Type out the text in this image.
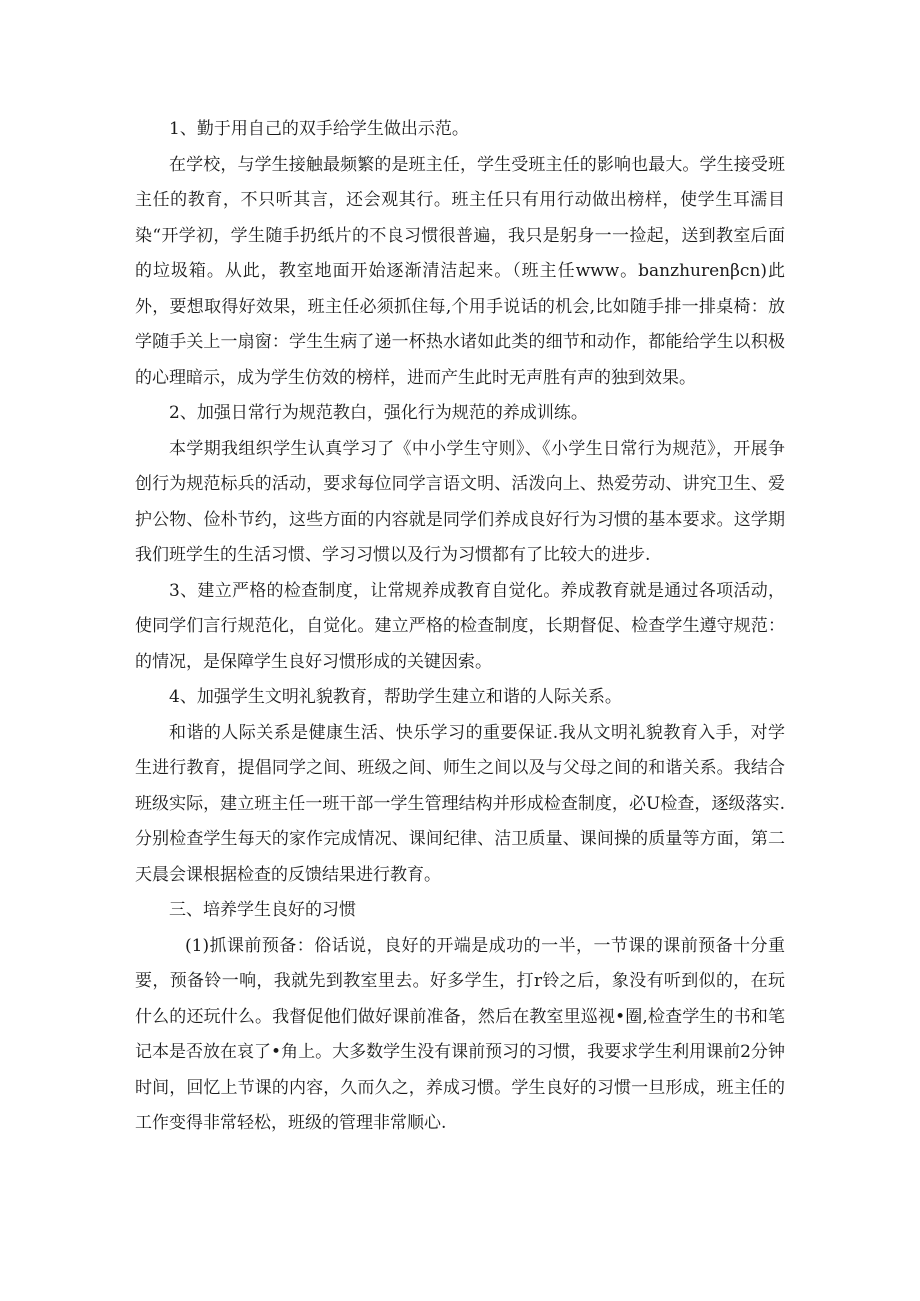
1、勤于用自己的双手给学生做出示范。

在学校，与学生接触最频繁的是班主任，学生受班主任的影响也最大。学生接受班主任的教育，不只听其言，还会观其行。班主任只有用行动做出榜样，使学生耳濡目染“开学初，学生随手扔纸片的不良习惯很普遍，我只是躬身一一捡起，送到教室后面的垃圾箱。从此，教室地面开始逐渐清洁起来。（班主任www。banzhurenβcn)此外，要想取得好效果，班主任必须抓住每,个用手说话的机会,比如随手排一排桌椅：放学随手关上一扇窗：学生生病了递一杯热水诸如此类的细节和动作，都能给学生以积极的心理暗示，成为学生仿效的榜样，进而产生此时无声胜有声的独到效果。

2、加强日常行为规范教白，强化行为规范的养成训练。

本学期我组织学生认真学习了《中小学生守则》、《小学生日常行为规范》，开展争创行为规范标兵的活动，要求每位同学言语文明、活泼向上、热爱劳动、讲究卫生、爱护公物、俭朴节约，这些方面的内容就是同学们养成良好行为习惯的基本要求。这学期我们班学生的生活习惯、学习习惯以及行为习惯都有了比较大的进步.

3、建立严格的检查制度，让常规养成教育自觉化。养成教育就是通过各项活动，使同学们言行规范化，自觉化。建立严格的检查制度，长期督促、检查学生遵守规范：的情况，是保障学生良好习惯形成的关键因索。

4、加强学生文明礼貌教育，帮助学生建立和谐的人际关系。

和谐的人际关系是健康生活、快乐学习的重要保证.我从文明礼貌教育入手，对学生进行教育，提倡同学之间、班级之间、师生之间以及与父母之间的和谐关系。我结合班级实际，建立班主任一班干部一学生管理结构并形成检查制度，必U检查，逐级落实.分别检查学生每天的家作完成情况、课间纪律、洁卫质量、课间操的质量等方面，第二天晨会课根据检查的反馈结果进行教育。

三、培养学生良好的习惯

(1)抓课前预备：俗话说，良好的开端是成功的一半，一节课的课前预备十分重要，预备铃一响，我就先到教室里去。好多学生，打r铃之后，象没有听到似的，在玩什么的还玩什么。我督促他们做好课前准备，然后在教室里巡视•圈,检查学生的书和笔记本是否放在哀了•角上。大多数学生没有课前预习的习惯，我要求学生利用课前2分钟时间，回忆上节课的内容，久而久之，养成习惯。学生良好的习惯一旦形成，班主任的工作变得非常轻松，班级的管理非常顺心.
